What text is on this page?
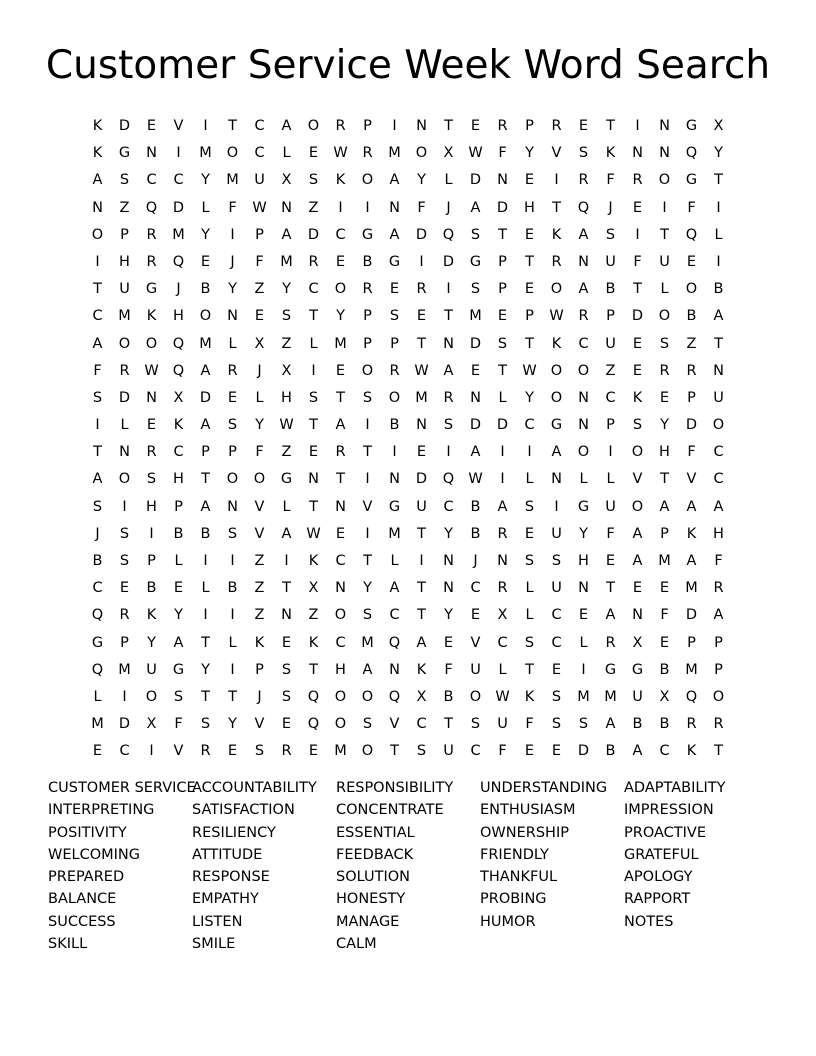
Customer Service Week Word Search
K	D	E	V	I	T	C	A	O	R	P	I	N	T	E	R	P	R	E	T	I	N	G	X
K	G	N	I	M	O	C	L	E	W	R	M	O	X	W	F	Y	V	S	K	N	N	Q	Y
A	S	C	C	Y	M	U	X	S	K	O	A	Y	L	D	N	E	I	R	F	R	O	G	T
N	Z	Q	D	L	F	W N	Z	I	I	N	F	J	A	D	H	T	Q	J	E	I	F	I
O	P	R	M	Y	I	P	A	D	C	G	A	D	Q	S	T	E	K	A	S	I	T	Q	L
I	H	R	Q	E	J	F	M	R	E	B	G	I	D	G	P	T	R	N	U	F	U	E	I
T	U	G	J	B	Y	Z	Y	C	O	R	E	R	I	S	P	E	O	A	B	T	L	O	B
C	M	K	H	O	N	E	S	T	Y	P	S	E	T	M	E	P	W	R	P	D	O	B	A
A	O	O	Q	M	L	X	Z	L	M	P	P	T	N	D	S	T	K	C	U	E	S	Z	T
F	R	W Q	A	R	J	X	I	E	O	R	W	A	E	T	W O	O	Z	E	R	R	N
S	D	N	X	D	E	L	H	S	T	S	O	M	R	N	L	Y	O	N	C	K	E	P	U
I	L	E	K	A	S	Y	W	T	A	I	B	N	S	D	D	C	G	N	P	S	Y	D	O
T	N	R	C	P	P	F	Z	E	R	T	I	E	I	A	I	I	A	O	I	O	H	F	C
A	O	S	H	T	O	O	G	N	T	I	N	D	Q W	I	L	N	L	L	V	T	V	C
S	I	H	P	A	N	V	L	T	N	V	G	U	C	B	A	S	I	G	U	O	A	A	A
J	S	I	B	B	S	V	A	W	E	I	M	T	Y	B	R	E	U	Y	F	A	P	K	H
B	S	P	L	I	I	Z	I	K	C	T	L	I	N	J	N	S	S	H	E	A	M	A	F
C	E	B	E	L	B	Z	T	X	N	Y	A	T	N	C	R	L	U	N	T	E	E	M	R
Q	R	K	Y	I	I	Z	N	Z	O	S	C	T	Y	E	X	L	C	E	A	N	F	D	A
G	P	Y	A	T	L	K	E	K	C	M	Q	A	E	V	C	S	C	L	R	X	E	P	P
Q	M	U	G	Y	I	P	S	T	H	A	N	K	F	U	L	T	E	I	G	G	B	M	P
L	I	O	S	T	T	J	S	Q	O	O	Q	X	B	O W	K	S	M M	U	X	Q	O
M	D	X	F	S	Y	V	E	Q	O	S	V	C	T	S	U	F	S	S	A	B	B	R	R
E	C	I	V	R	E	S	R	E	M	O	T	S	U	C	F	E	E	D	B	A	C	K	T
CUSTOMER SERVICE
INTERPRETING
POSITIVITY
WELCOMING
PREPARED
BALANCE
SUCCESS
SKILL
ACCOUNTABILITY
SATISFACTION
RESILIENCY
ATTITUDE
RESPONSE
EMPATHY
LISTEN
SMILE
RESPONSIBILITY
CONCENTRATE
ESSENTIAL
FEEDBACK
SOLUTION
HONESTY
MANAGE
CALM
UNDERSTANDING
ENTHUSIASM
OWNERSHIP
FRIENDLY
THANKFUL
PROBING
HUMOR
ADAPTABILITY
IMPRESSION
PROACTIVE
GRATEFUL
APOLOGY
RAPPORT
NOTES
